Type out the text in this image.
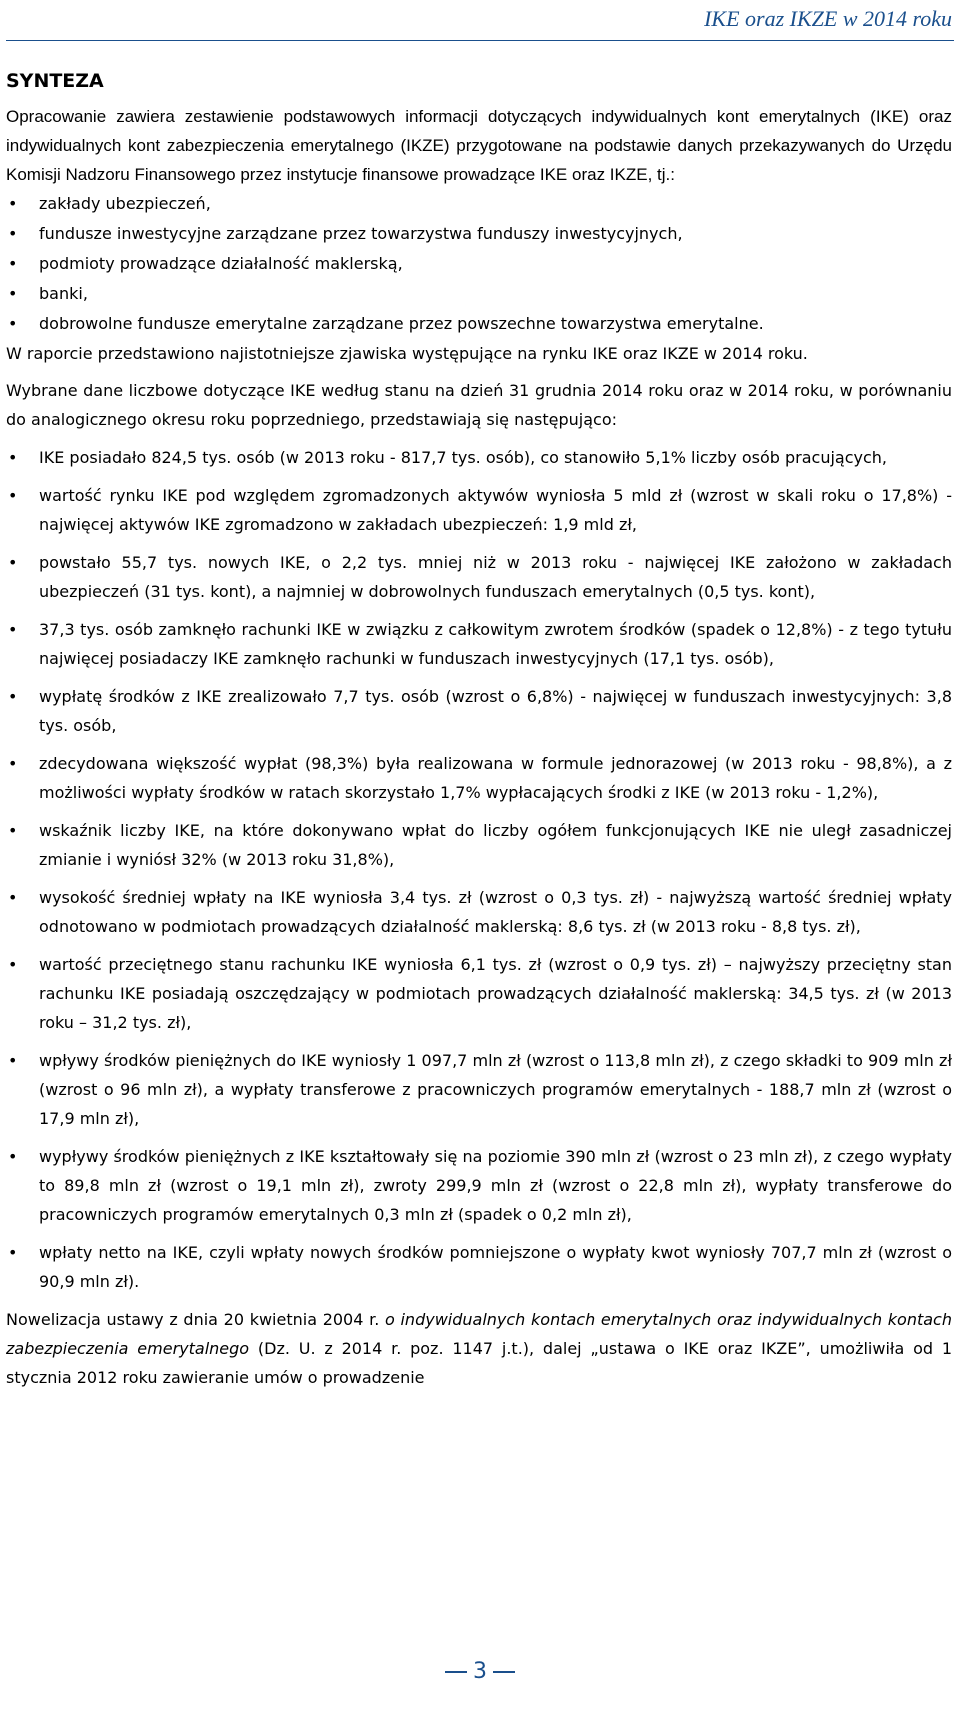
IKE oraz IKZE w 2014 roku
SYNTEZA

Opracowanie zawiera zestawienie podstawowych informacji dotyczących indywidualnych kont emerytalnych (IKE) oraz indywidualnych kont zabezpieczenia emerytalnego (IKZE) przygotowane na podstawie danych przekazywanych do Urzędu Komisji Nadzoru Finansowego przez instytucje finansowe prowadzące IKE oraz IKZE, tj.:

• zakłady ubezpieczeń,
• fundusze inwestycyjne zarządzane przez towarzystwa funduszy inwestycyjnych,
• podmioty prowadzące działalność maklerską,
• banki,
• dobrowolne fundusze emerytalne zarządzane przez powszechne towarzystwa emerytalne.

W raporcie przedstawiono najistotniejsze zjawiska występujące na rynku IKE oraz IKZE w 2014 roku.

Wybrane dane liczbowe dotyczące IKE według stanu na dzień 31 grudnia 2014 roku oraz w 2014 roku, w porównaniu do analogicznego okresu roku poprzedniego, przedstawiają się następująco:

• IKE posiadało 824,5 tys. osób (w 2013 roku - 817,7 tys. osób), co stanowiło 5,1% liczby osób pracujących,
• wartość rynku IKE pod względem zgromadzonych aktywów wyniosła 5 mld zł (wzrost w skali roku o 17,8%) - najwięcej aktywów IKE zgromadzono w zakładach ubezpieczeń: 1,9 mld zł,
• powstało 55,7 tys. nowych IKE, o 2,2 tys. mniej niż w 2013 roku - najwięcej IKE założono w zakładach ubezpieczeń (31 tys. kont), a najmniej w dobrowolnych funduszach emerytalnych (0,5 tys. kont),
• 37,3 tys. osób zamknęło rachunki IKE w związku z całkowitym zwrotem środków (spadek o 12,8%) - z tego tytułu najwięcej posiadaczy IKE zamknęło rachunki w funduszach inwestycyjnych (17,1 tys. osób),
• wypłatę środków z IKE zrealizowało 7,7 tys. osób (wzrost o 6,8%) - najwięcej w funduszach inwestycyjnych: 3,8 tys. osób,
• zdecydowana większość wypłat (98,3%) była realizowana w formule jednorazowej (w 2013 roku - 98,8%), a z możliwości wypłaty środków w ratach skorzystało 1,7% wypłacających środki z IKE (w 2013 roku - 1,2%),
• wskaźnik liczby IKE, na które dokonywano wpłat do liczby ogółem funkcjonujących IKE nie uległ zasadniczej zmianie i wyniósł 32% (w 2013 roku 31,8%),
• wysokość średniej wpłaty na IKE wyniosła 3,4 tys. zł (wzrost o 0,3 tys. zł) - najwyższą wartość średniej wpłaty odnotowano w podmiotach prowadzących działalność maklerską: 8,6 tys. zł (w 2013 roku - 8,8 tys. zł),
• wartość przeciętnego stanu rachunku IKE wyniosła 6,1 tys. zł (wzrost o 0,9 tys. zł) – najwyższy przeciętny stan rachunku IKE posiadają oszczędzający w podmiotach prowadzących działalność maklerską: 34,5 tys. zł (w 2013 roku – 31,2 tys. zł),
• wpływy środków pieniężnych do IKE wyniosły 1 097,7 mln zł (wzrost o 113,8 mln zł), z czego składki to 909 mln zł (wzrost o 96 mln zł), a wypłaty transferowe z pracowniczych programów emerytalnych - 188,7 mln zł (wzrost o 17,9 mln zł),
• wypływy środków pieniężnych z IKE kształtowały się na poziomie 390 mln zł (wzrost o 23 mln zł), z czego wypłaty to 89,8 mln zł (wzrost o 19,1 mln zł), zwroty 299,9 mln zł (wzrost o 22,8 mln zł), wypłaty transferowe do pracowniczych programów emerytalnych 0,3 mln zł (spadek o 0,2 mln zł),
• wpłaty netto na IKE, czyli wpłaty nowych środków pomniejszone o wypłaty kwot wyniosły 707,7 mln zł (wzrost o 90,9 mln zł).

Nowelizacja ustawy z dnia 20 kwietnia 2004 r. o indywidualnych kontach emerytalnych oraz indywidualnych kontach zabezpieczenia emerytalnego (Dz. U. z 2014 r. poz. 1147 j.t.), dalej „ustawa o IKE oraz IKZE”, umożliwiła od 1 stycznia 2012 roku zawieranie umów o prowadzenie

3
